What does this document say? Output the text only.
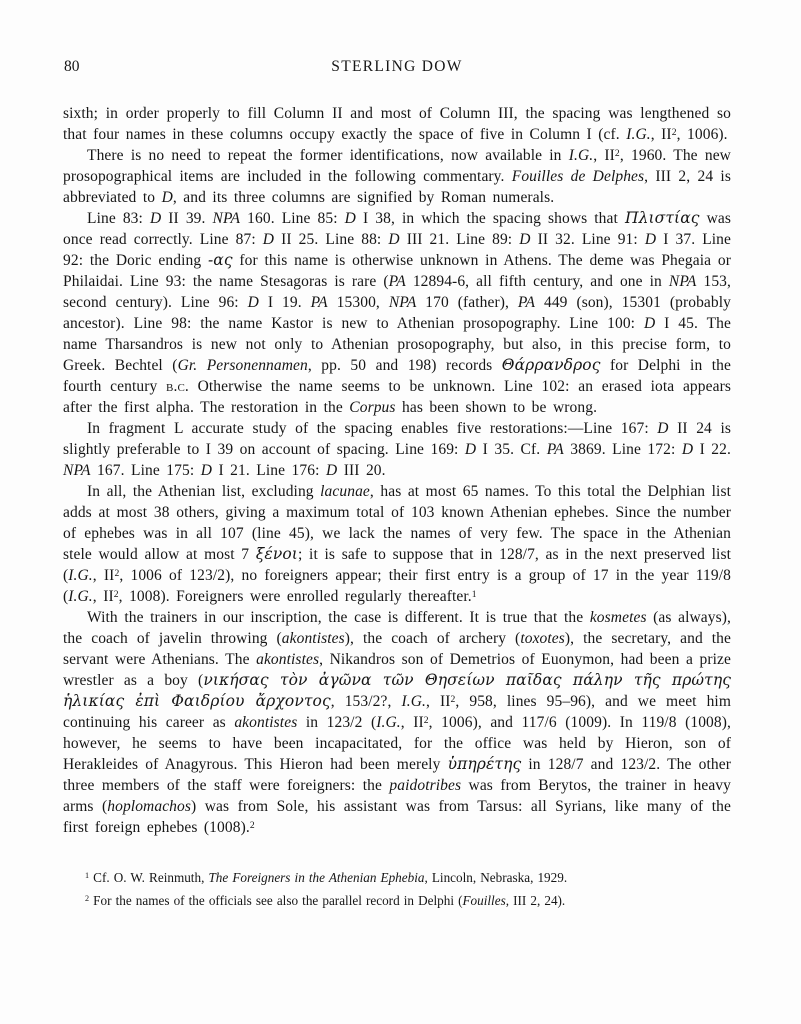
80	STERLING DOW

sixth; in order properly to fill Column II and most of Column III, the spacing was lengthened so that four names in these columns occupy exactly the space of five in Column I (cf. I.G., $II^2$, 1006).

There is no need to repeat the former identifications, now available in I.G., $II^2$, 1960. The new prosopographical items are included in the following commentary. Fouilles de Delphes, III 2, 24 is abbreviated to D, and its three columns are signified by Roman numerals.

Line 83: D II 39. NPA 160. Line 85: D I 38, in which the spacing shows that Πλιστίας was once read correctly. Line 87: D II 25. Line 88: D III 21. Line 89: D II 32. Line 91: D I 37. Line 92: the Doric ending -ας for this name is otherwise unknown in Athens. The deme was Phegaia or Philaidai. Line 93: the name Stesagoras is rare (PA 12894-6, all fifth century, and one in NPA 153, second century). Line 96: D I 19. PA 15300, NPA 170 (father), PA 449 (son), 15301 (probably ancestor). Line 98: the name Kastor is new to Athenian prosopography. Line 100: D I 45. The name Tharsandros is new not only to Athenian prosopography, but also, in this precise form, to Greek. Bechtel (Gr. Personennamen, pp. 50 and 198) records Θάρρανδρος for Delphi in the fourth century b.c. Otherwise the name seems to be unknown. Line 102: an erased iota appears after the first alpha. The restoration in the Corpus has been shown to be wrong.

In fragment L accurate study of the spacing enables five restorations:—Line 167: D II 24 is slightly preferable to I 39 on account of spacing. Line 169: D I 35. Cf. PA 3869. Line 172: D I 22. NPA 167. Line 175: D I 21. Line 176: D III 20.

In all, the Athenian list, excluding lacunae, has at most 65 names. To this total the Delphian list adds at most 38 others, giving a maximum total of 103 known Athenian ephebes. Since the number of ephebes was in all 107 (line 45), we lack the names of very few. The space in the Athenian stele would allow at most 7 ξένοι; it is safe to suppose that in 128/7, as in the next preserved list (I.G., $II^2$, 1006 of 123/2), no foreigners appear; their first entry is a group of 17 in the year 119/8 (I.G., $II^2$, 1008). Foreigners were enrolled regularly thereafter.$^1$

With the trainers in our inscription, the case is different. It is true that the kosmetes (as always), the coach of javelin throwing (akontistes), the coach of archery (toxotes), the secretary, and the servant were Athenians. The akontistes, Nikandros son of Demetrios of Euonymon, had been a prize wrestler as a boy (νικήσας τὸν ἀγῶνα τῶν Θησείων παῖδας πάλην τῆς πρώτης ἡλικίας ἐπὶ Φαιδρίου ἄρχοντος, 153/2?, I.G., $II^2$, 958, lines 95–96), and we meet him continuing his career as akontistes in 123/2 (I.G., $II^2$, 1006), and 117/6 (1009). In 119/8 (1008), however, he seems to have been incapacitated, for the office was held by Hieron, son of Herakleides of Anagyrous. This Hieron had been merely ὑπηρέτης in 128/7 and 123/2. The other three members of the staff were foreigners: the paidotribes was from Berytos, the trainer in heavy arms (hoplomachos) was from Sole, his assistant was from Tarsus: all Syrians, like many of the first foreign ephebes (1008).$^2$

$^1$ Cf. O. W. Reinmuth, The Foreigners in the Athenian Ephebia, Lincoln, Nebraska, 1929.

$^2$ For the names of the officials see also the parallel record in Delphi (Fouilles, III 2, 24).
